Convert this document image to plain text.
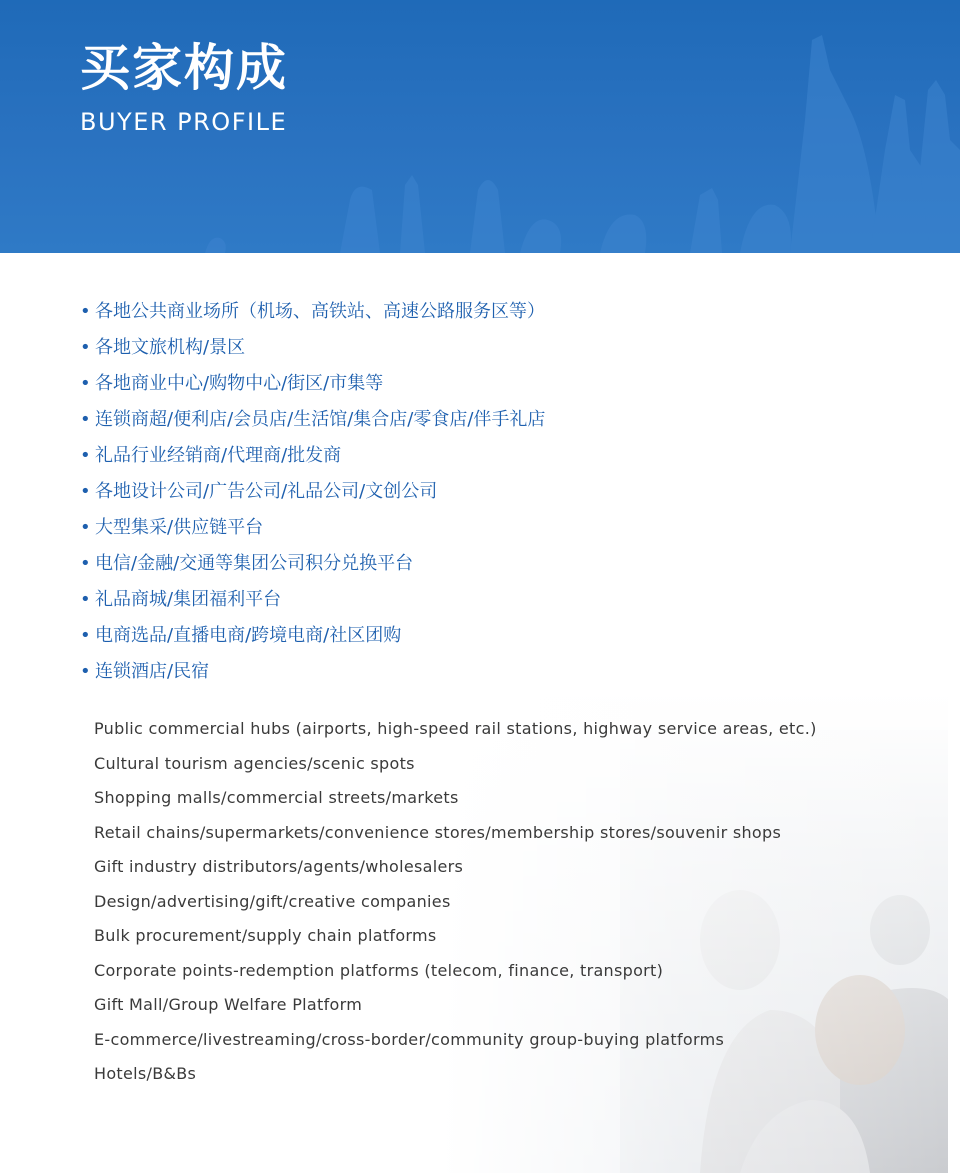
买家构成
BUYER PROFILE
• 各地公共商业场所（机场、高铁站、高速公路服务区等）
• 各地文旅机构/景区
• 各地商业中心/购物中心/街区/市集等
• 连锁商超/便利店/会员店/生活馆/集合店/零食店/伴手礼店
• 礼品行业经销商/代理商/批发商
• 各地设计公司/广告公司/礼品公司/文创公司
• 大型集采/供应链平台
• 电信/金融/交通等集团公司积分兑换平台
• 礼品商城/集团福利平台
• 电商选品/直播电商/跨境电商/社区团购
• 连锁酒店/民宿
Public commercial hubs (airports, high-speed rail stations, highway service areas, etc.)
Cultural tourism agencies/scenic spots
Shopping malls/commercial streets/markets
Retail chains/supermarkets/convenience stores/membership stores/souvenir shops
Gift industry distributors/agents/wholesalers
Design/advertising/gift/creative companies
Bulk procurement/supply chain platforms
Corporate points-redemption platforms (telecom, finance, transport)
Gift Mall/Group Welfare Platform
E-commerce/livestreaming/cross-border/community group-buying platforms
Hotels/B&Bs
